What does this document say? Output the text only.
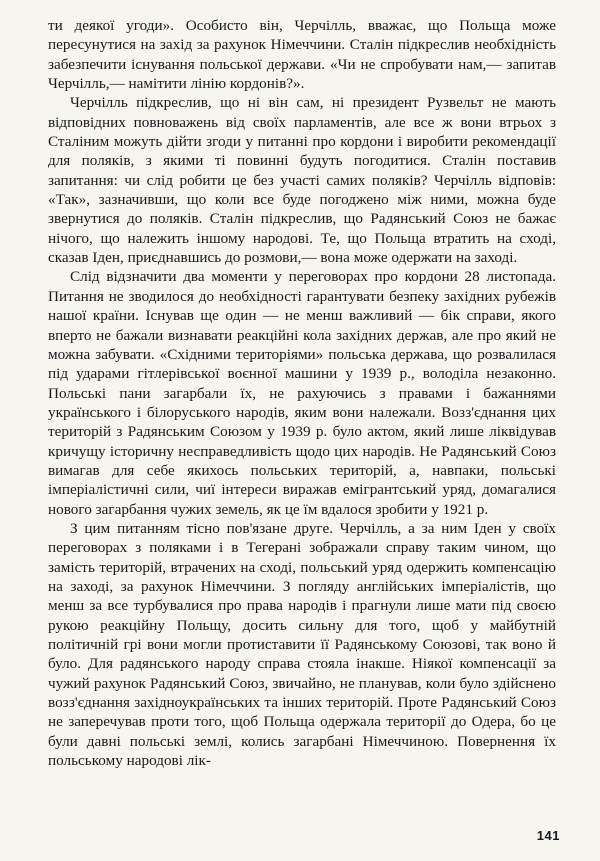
ти деякої угоди». Особисто він, Черчілль, вважає, що Польща може пересунутися на захід за рахунок Німеччини. Сталін підкреслив необхідність забезпечити існування польської держави. «Чи не спробувати нам,— запитав Черчілль,— намітити лінію кордонів?».

Черчілль підкреслив, що ні він сам, ні президент Рузвельт не мають відповідних повноважень від своїх парламентів, але все ж вони втрьох з Сталіним можуть дійти згоди у питанні про кордони і виробити рекомендації для поляків, з якими ті повинні будуть погодитися. Сталін поставив запитання: чи слід робити це без участі самих поляків? Черчілль відповів: «Так», зазначивши, що коли все буде погоджено між ними, можна буде звернутися до поляків. Сталін підкреслив, що Радянський Союз не бажає нічого, що належить іншому народові. Те, що Польща втратить на сході, сказав Іден, приєднавшись до розмови,— вона може одержати на заході.

Слід відзначити два моменти у переговорах про кордони 28 листопада. Питання не зводилося до необхідності гарантувати безпеку західних рубежів нашої країни. Існував ще один — не менш важливий — бік справи, якого вперто не бажали визнавати реакційні кола західних держав, але про який не можна забувати. «Східними територіями» польська держава, що розвалилася під ударами гітлерівської воєнної машини у 1939 р., володіла незаконно. Польські пани загарбали їх, не рахуючись з правами і бажаннями українського і білоруського народів, яким вони належали. Возз'єднання цих територій з Радянським Союзом у 1939 р. було актом, який лише ліквідував кричущу історичну несправедливість щодо цих народів. Не Радянський Союз вимагав для себе якихось польських територій, а, навпаки, польські імперіалістичні сили, чиї інтереси виражав емігрантський уряд, домагалися нового загарбання чужих земель, як це їм вдалося зробити у 1921 р.

З цим питанням тісно пов'язане друге. Черчілль, а за ним Іден у своїх переговорах з поляками і в Тегерані зображали справу таким чином, що замість територій, втрачених на сході, польський уряд одержить компенсацію на заході, за рахунок Німеччини. З погляду англійських імперіалістів, що менш за все турбувалися про права народів і прагнули лише мати під своєю рукою реакційну Польщу, досить сильну для того, щоб у майбутній політичній грі вони могли протиставити її Радянському Союзові, так воно й було. Для радянського народу справа стояла інакше. Ніякої компенсації за чужий рахунок Радянський Союз, звичайно, не планував, коли було здійснено возз'єднання західноукраїнських та інших територій. Проте Радянський Союз не заперечував проти того, щоб Польща одержала території до Одера, бо це були давні польські землі, колись загарбані Німеччиною. Повернення їх польському народові лік-

141
